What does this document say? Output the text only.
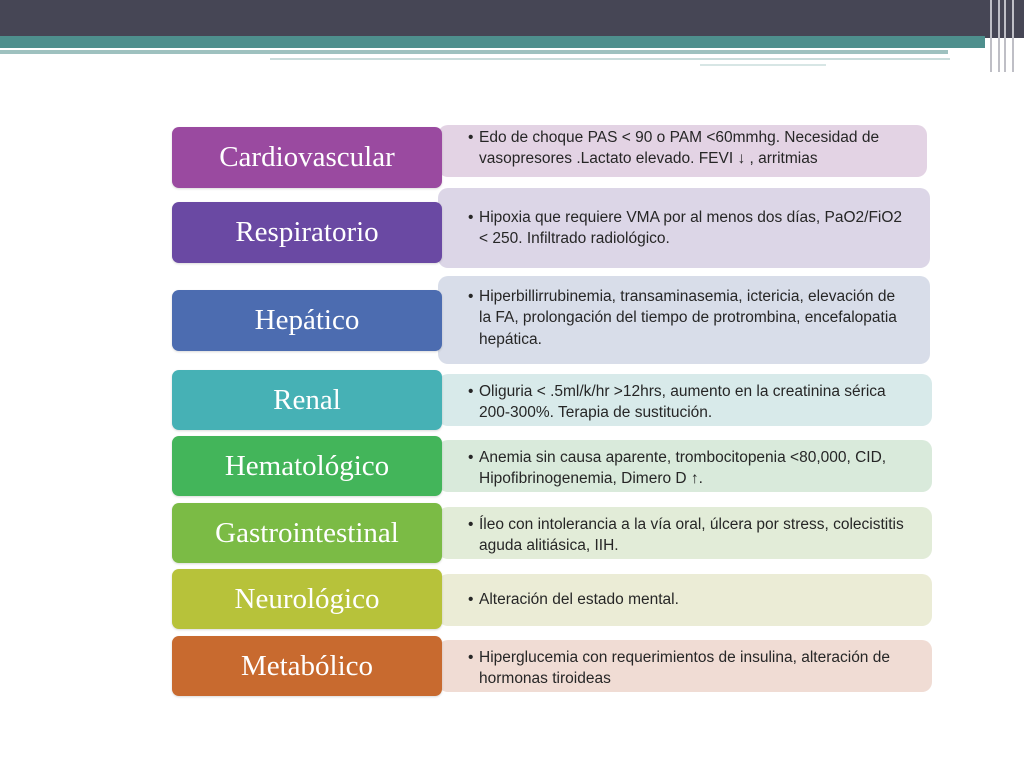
• Edo de choque PAS < 90 o PAM <60mmhg. Necesidad de vasopresores .Lactato elevado. FEVI ↓ , arritmias
Cardiovascular
• Hipoxia que requiere VMA por al menos dos días, PaO2/FiO2 < 250. Infiltrado radiológico.
Respiratorio
• Hiperbillirrubinemia, transaminasemia, ictericia, elevación de la FA, prolongación del tiempo de protrombina, encefalopatia hepática.
Hepático
• Oliguria < .5ml/k/hr >12hrs, aumento en la creatinina sérica 200-300%. Terapia de sustitución.
Renal
• Anemia sin causa aparente, trombocitopenia <80,000, CID, Hipofibrinogenemia, Dimero D ↑.
Hematológico
• Íleo con intolerancia a la vía oral, úlcera por stress, colecistitis aguda alitiásica, IIH.
Gastrointestinal
• Alteración del estado mental.
Neurológico
• Hiperglucemia con requerimientos de insulina, alteración de hormonas tiroideas
Metabólico
